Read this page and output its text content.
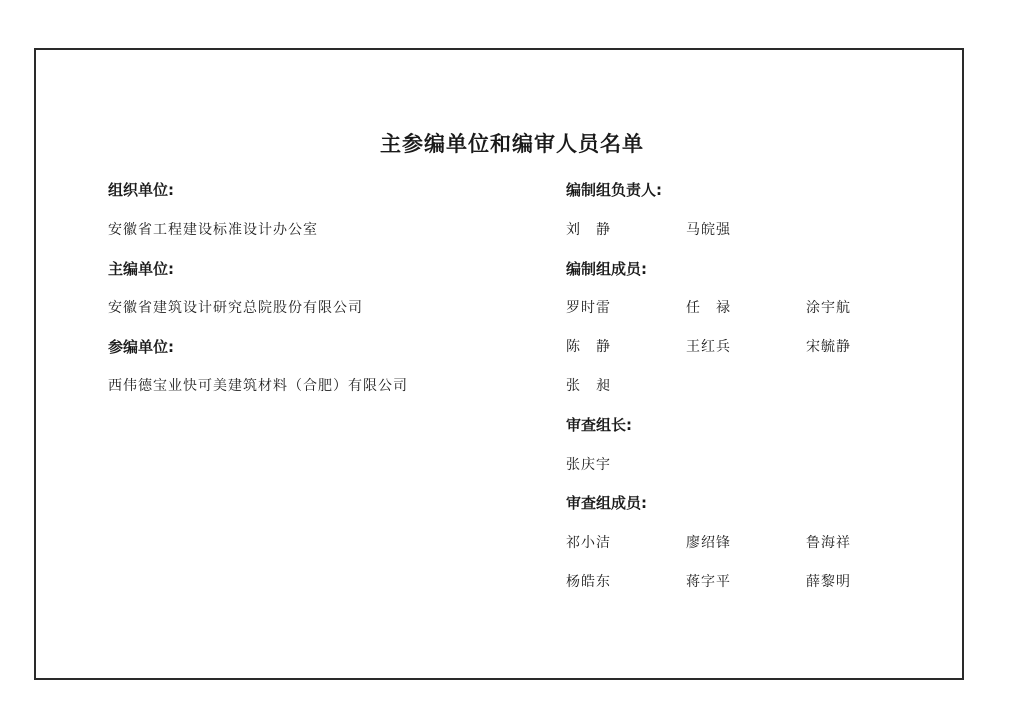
主参编单位和编审人员名单
组织单位:
安徽省工程建设标准设计办公室
主编单位:
安徽省建筑设计研究总院股份有限公司
参编单位:
西伟德宝业快可美建筑材料（合肥）有限公司
编制组负责人:
刘　静	马皖强
编制组成员:
罗时雷	任　禄	涂宇航
陈　静	王红兵	宋毓静
张　昶
审查组长:
张庆宇
审查组成员:
祁小洁	廖绍锋	鲁海祥
杨皓东	蒋字平	薛黎明
